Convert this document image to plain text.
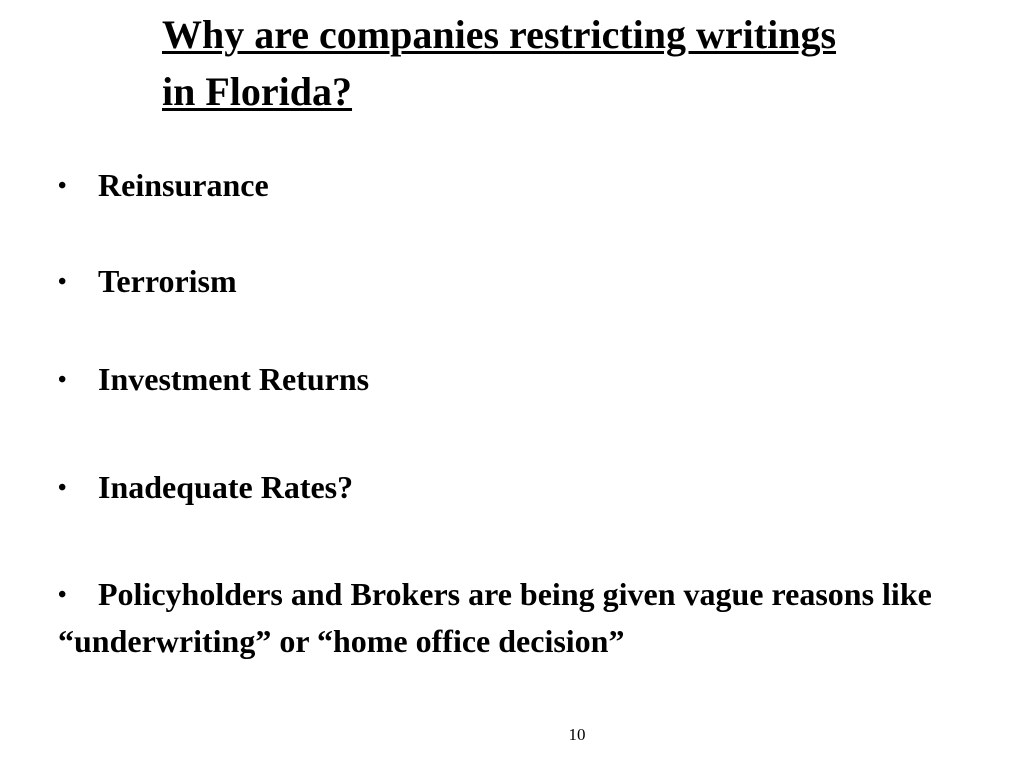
Why are companies restricting writings in Florida?

• Reinsurance

• Terrorism

• Investment Returns

• Inadequate Rates?

• Policyholders and Brokers are being given vague reasons like “underwriting” or “home office decision”

10
